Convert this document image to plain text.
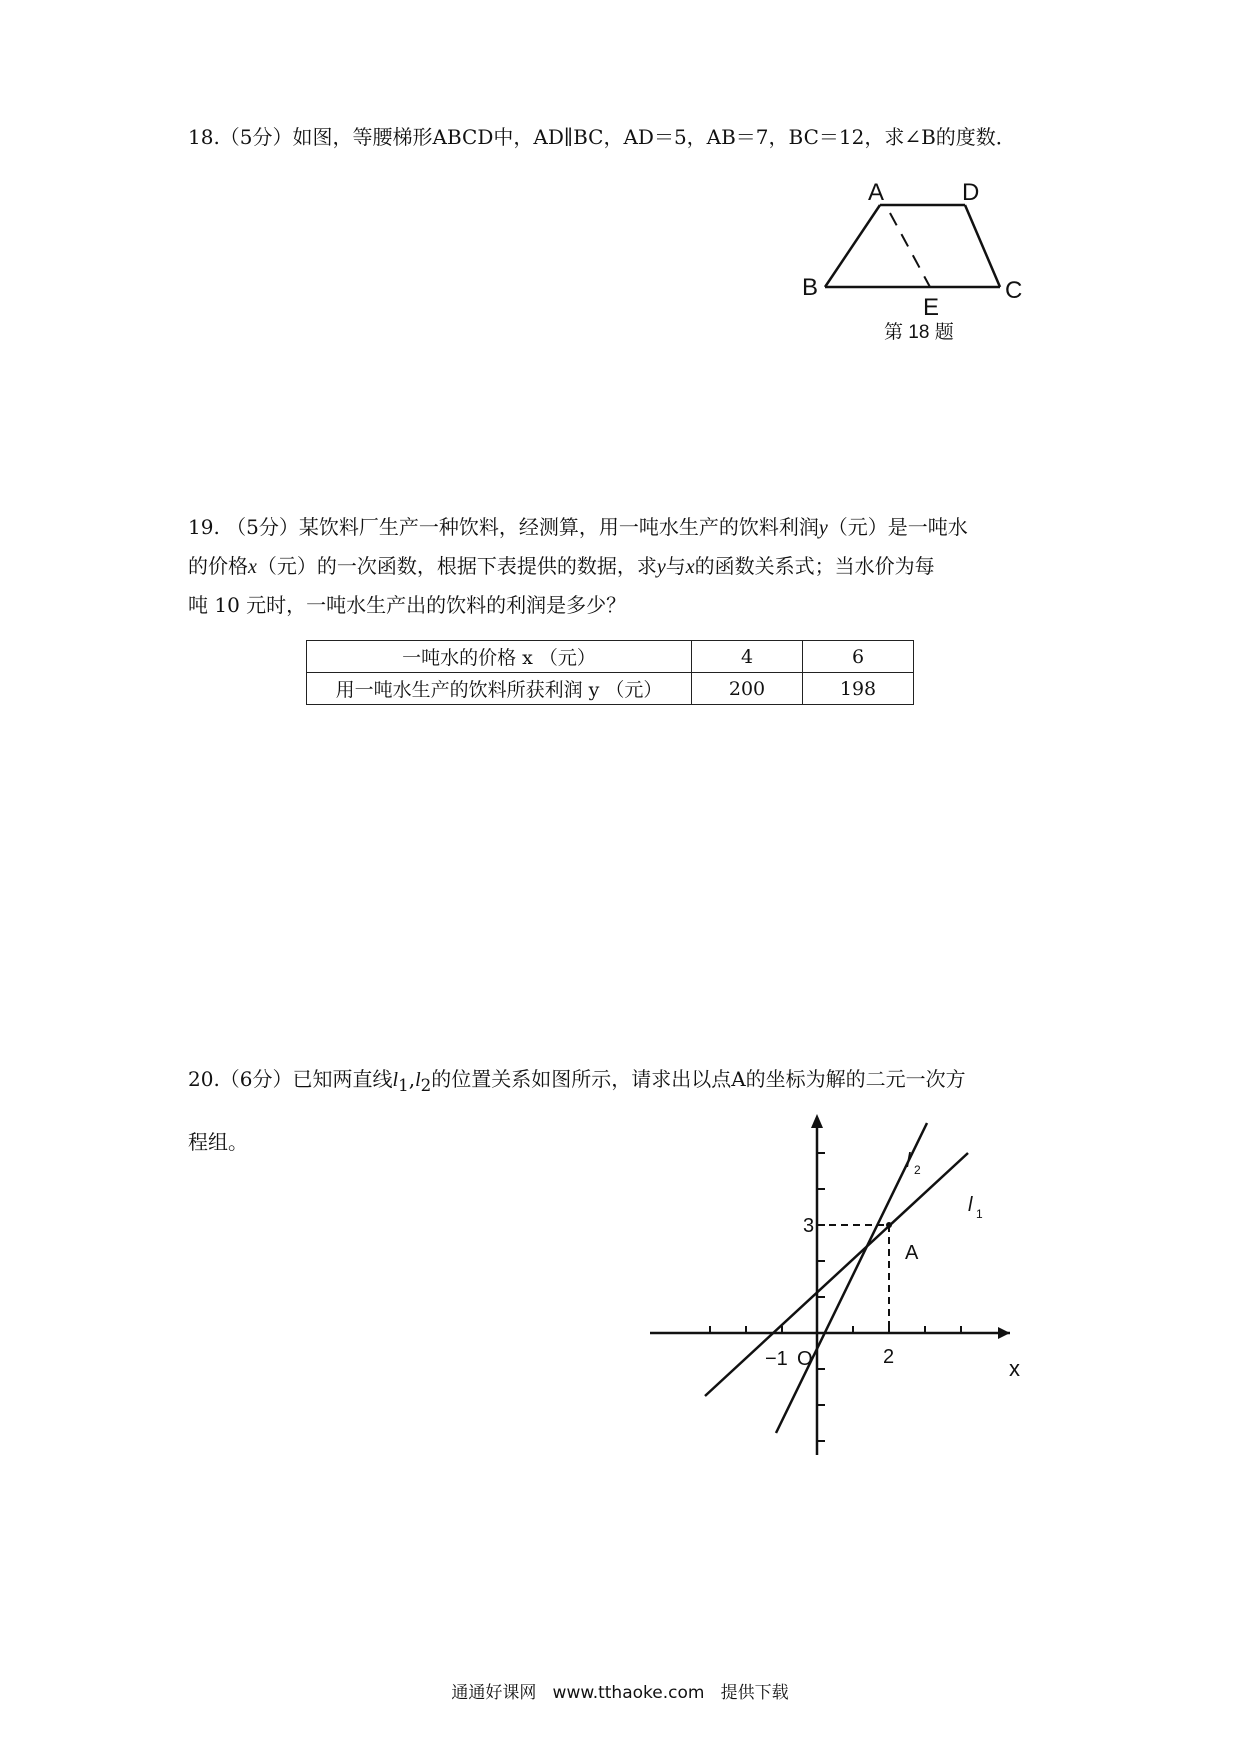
18.（5分）如图，等腰梯形ABCD中，AD∥BC，AD＝5，AB＝7，BC＝12，求∠B的度数．

A	D
B	C
E
第 18 题

19. （5分）某饮料厂生产一种饮料，经测算，用一吨水生产的饮料利润y（元）是一吨水
的价格x（元）的一次函数，根据下表提供的数据，求y与x的函数关系式；当水价为每
吨 10 元时，一吨水生产出的饮料的利润是多少？

一吨水的价格 x （元）	4	6
用一吨水生产的饮料所获利润 y （元）	200	198

20.（6分）已知两直线$l_1,l_2$的位置关系如图所示，请求出以点A的坐标为解的二元一次方
程组。

l 2
l 1
3
A
−1 O	2	x
通通好课网 www.tthaoke.com 提供下载
